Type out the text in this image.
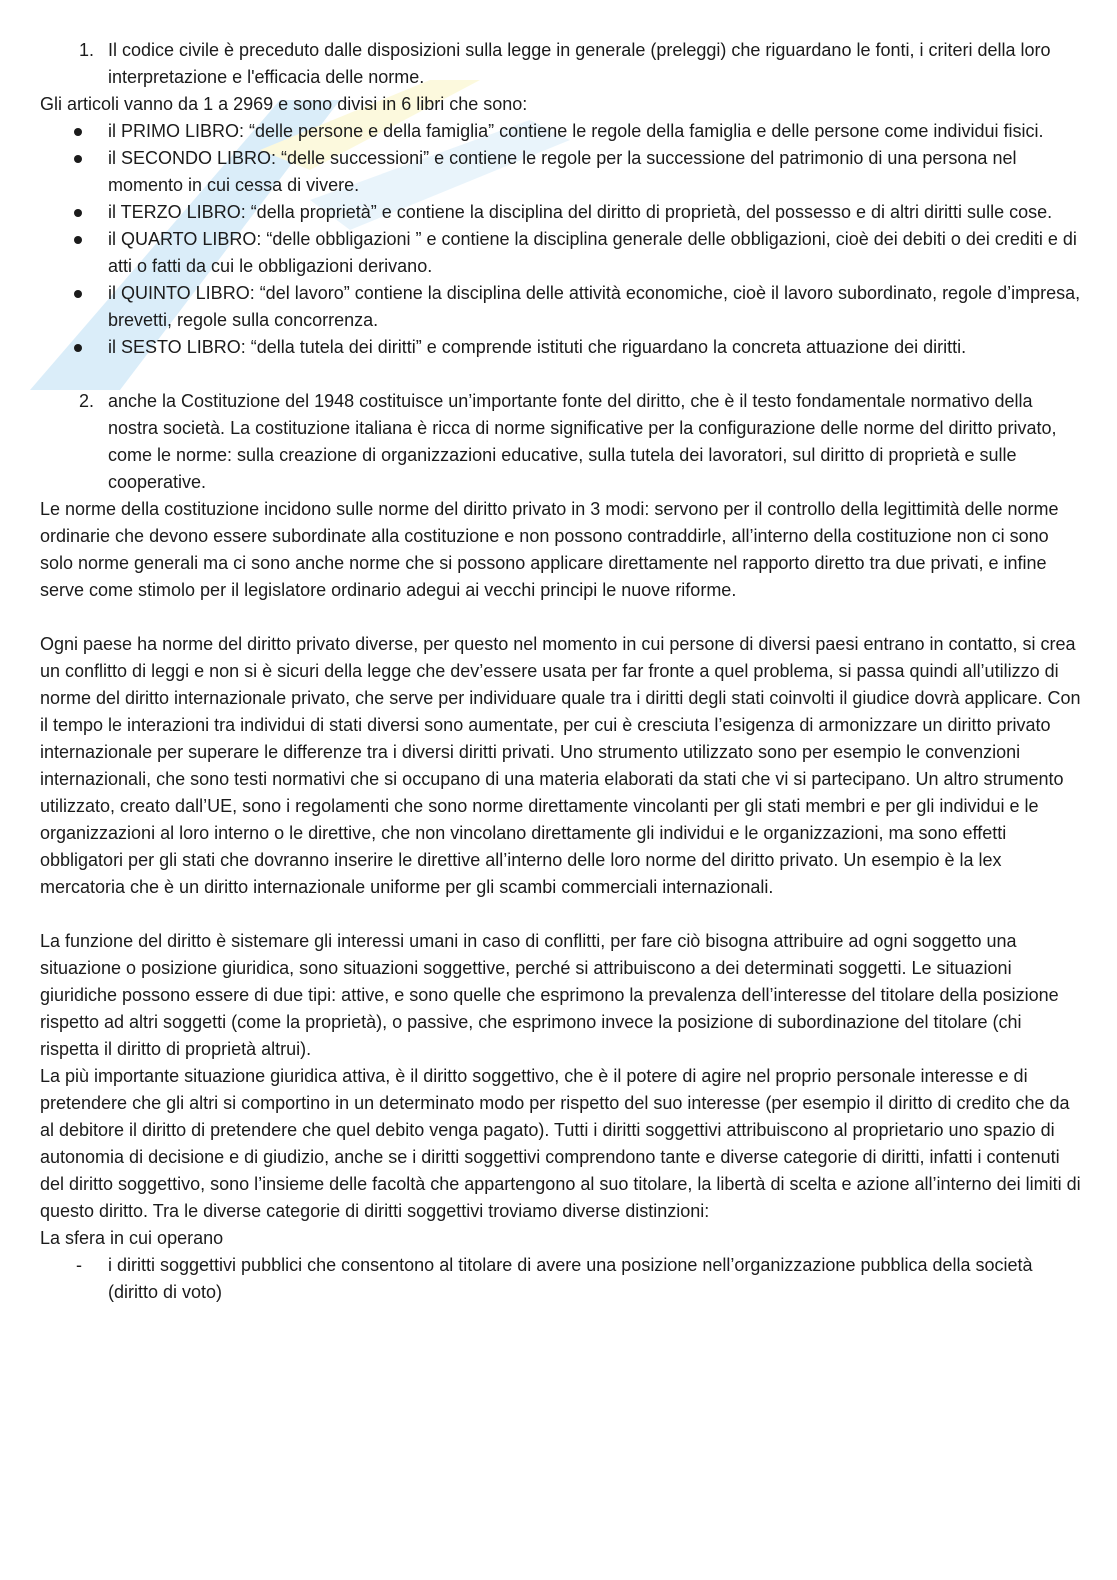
1. Il codice civile è preceduto dalle disposizioni sulla legge in generale (preleggi) che riguardano le fonti, i criteri della loro interpretazione e l'efficacia delle norme.

Gli articoli vanno da 1 a 2969 e sono divisi in 6 libri che sono:

il PRIMO LIBRO: “delle persone e della famiglia” contiene le regole della famiglia e delle persone come individui fisici.
il SECONDO LIBRO: “delle successioni” e contiene le regole per la successione del patrimonio di una persona nel momento in cui cessa di vivere.
il TERZO LIBRO: “della proprietà” e contiene la disciplina del diritto di proprietà, del possesso e di altri diritti sulle cose.
il QUARTO LIBRO: “delle obbligazioni ” e contiene la disciplina generale delle obbligazioni, cioè dei debiti o dei crediti e di atti o fatti da cui le obbligazioni derivano.
il QUINTO LIBRO: “del lavoro” contiene la disciplina delle attività economiche, cioè il lavoro subordinato, regole d’impresa, brevetti, regole sulla concorrenza.
il SESTO LIBRO: “della tutela dei diritti” e comprende istituti che riguardano la concreta attuazione dei diritti.
2. anche la Costituzione del 1948 costituisce un’importante fonte del diritto, che è il testo fondamentale normativo della nostra società. La costituzione italiana è ricca di norme significative per la configurazione delle norme del diritto privato, come le norme: sulla creazione di organizzazioni educative, sulla tutela dei lavoratori, sul diritto di proprietà e sulle cooperative.

Le norme della costituzione incidono sulle norme del diritto privato in 3 modi: servono per il controllo della legittimità delle norme ordinarie che devono essere subordinate alla costituzione e non possono contraddirle, all’interno della costituzione non ci sono solo norme generali ma ci sono anche norme che si possono applicare direttamente nel rapporto diretto tra due privati, e infine serve come stimolo per il legislatore ordinario adegui ai vecchi principi le nuove riforme.

Ogni paese ha norme del diritto privato diverse, per questo nel momento in cui persone di diversi paesi entrano in contatto, si crea un conflitto di leggi e non si è sicuri della legge che dev’essere usata per far fronte a quel problema, si passa quindi all’utilizzo di norme del diritto internazionale privato, che serve per individuare quale tra i diritti degli stati coinvolti il giudice dovrà applicare. Con il tempo le interazioni tra individui di stati diversi sono aumentate, per cui è cresciuta l’esigenza di armonizzare un diritto privato internazionale per superare le differenze tra i diversi diritti privati. Uno strumento utilizzato sono per esempio le convenzioni internazionali, che sono testi normativi che si occupano di una materia elaborati da stati che vi si partecipano. Un altro strumento utilizzato, creato dall’UE, sono i regolamenti che sono norme direttamente vincolanti per gli stati membri e per gli individui e le organizzazioni al loro interno o le direttive, che non vincolano direttamente gli individui e le organizzazioni, ma sono effetti obbligatori per gli stati che dovranno inserire le direttive all’interno delle loro norme del diritto privato. Un esempio è la lex mercatoria che è un diritto internazionale uniforme per gli scambi commerciali internazionali.

La funzione del diritto è sistemare gli interessi umani in caso di conflitti, per fare ciò bisogna attribuire ad ogni soggetto una situazione o posizione giuridica, sono situazioni soggettive, perché si attribuiscono a dei determinati soggetti. Le situazioni giuridiche possono essere di due tipi: attive, e sono quelle che esprimono la prevalenza dell’interesse del titolare della posizione rispetto ad altri soggetti (come la proprietà), o passive, che esprimono invece la posizione di subordinazione del titolare (chi rispetta il diritto di proprietà altrui).

La più importante situazione giuridica attiva, è il diritto soggettivo, che è il potere di agire nel proprio personale interesse e di pretendere che gli altri si comportino in un determinato modo per rispetto del suo interesse (per esempio il diritto di credito che da al debitore il diritto di pretendere che quel debito venga pagato). Tutti i diritti soggettivi attribuiscono al proprietario uno spazio di autonomia di decisione e di giudizio, anche se i diritti soggettivi comprendono tante e diverse categorie di diritti, infatti i contenuti del diritto soggettivo, sono l’insieme delle facoltà che appartengono al suo titolare, la libertà di scelta e azione all’interno dei limiti di questo diritto. Tra le diverse categorie di diritti soggettivi troviamo diverse distinzioni:

La sfera in cui operano

-	i diritti soggettivi pubblici che consentono al titolare di avere una posizione nell’organizzazione pubblica della società (diritto di voto)
